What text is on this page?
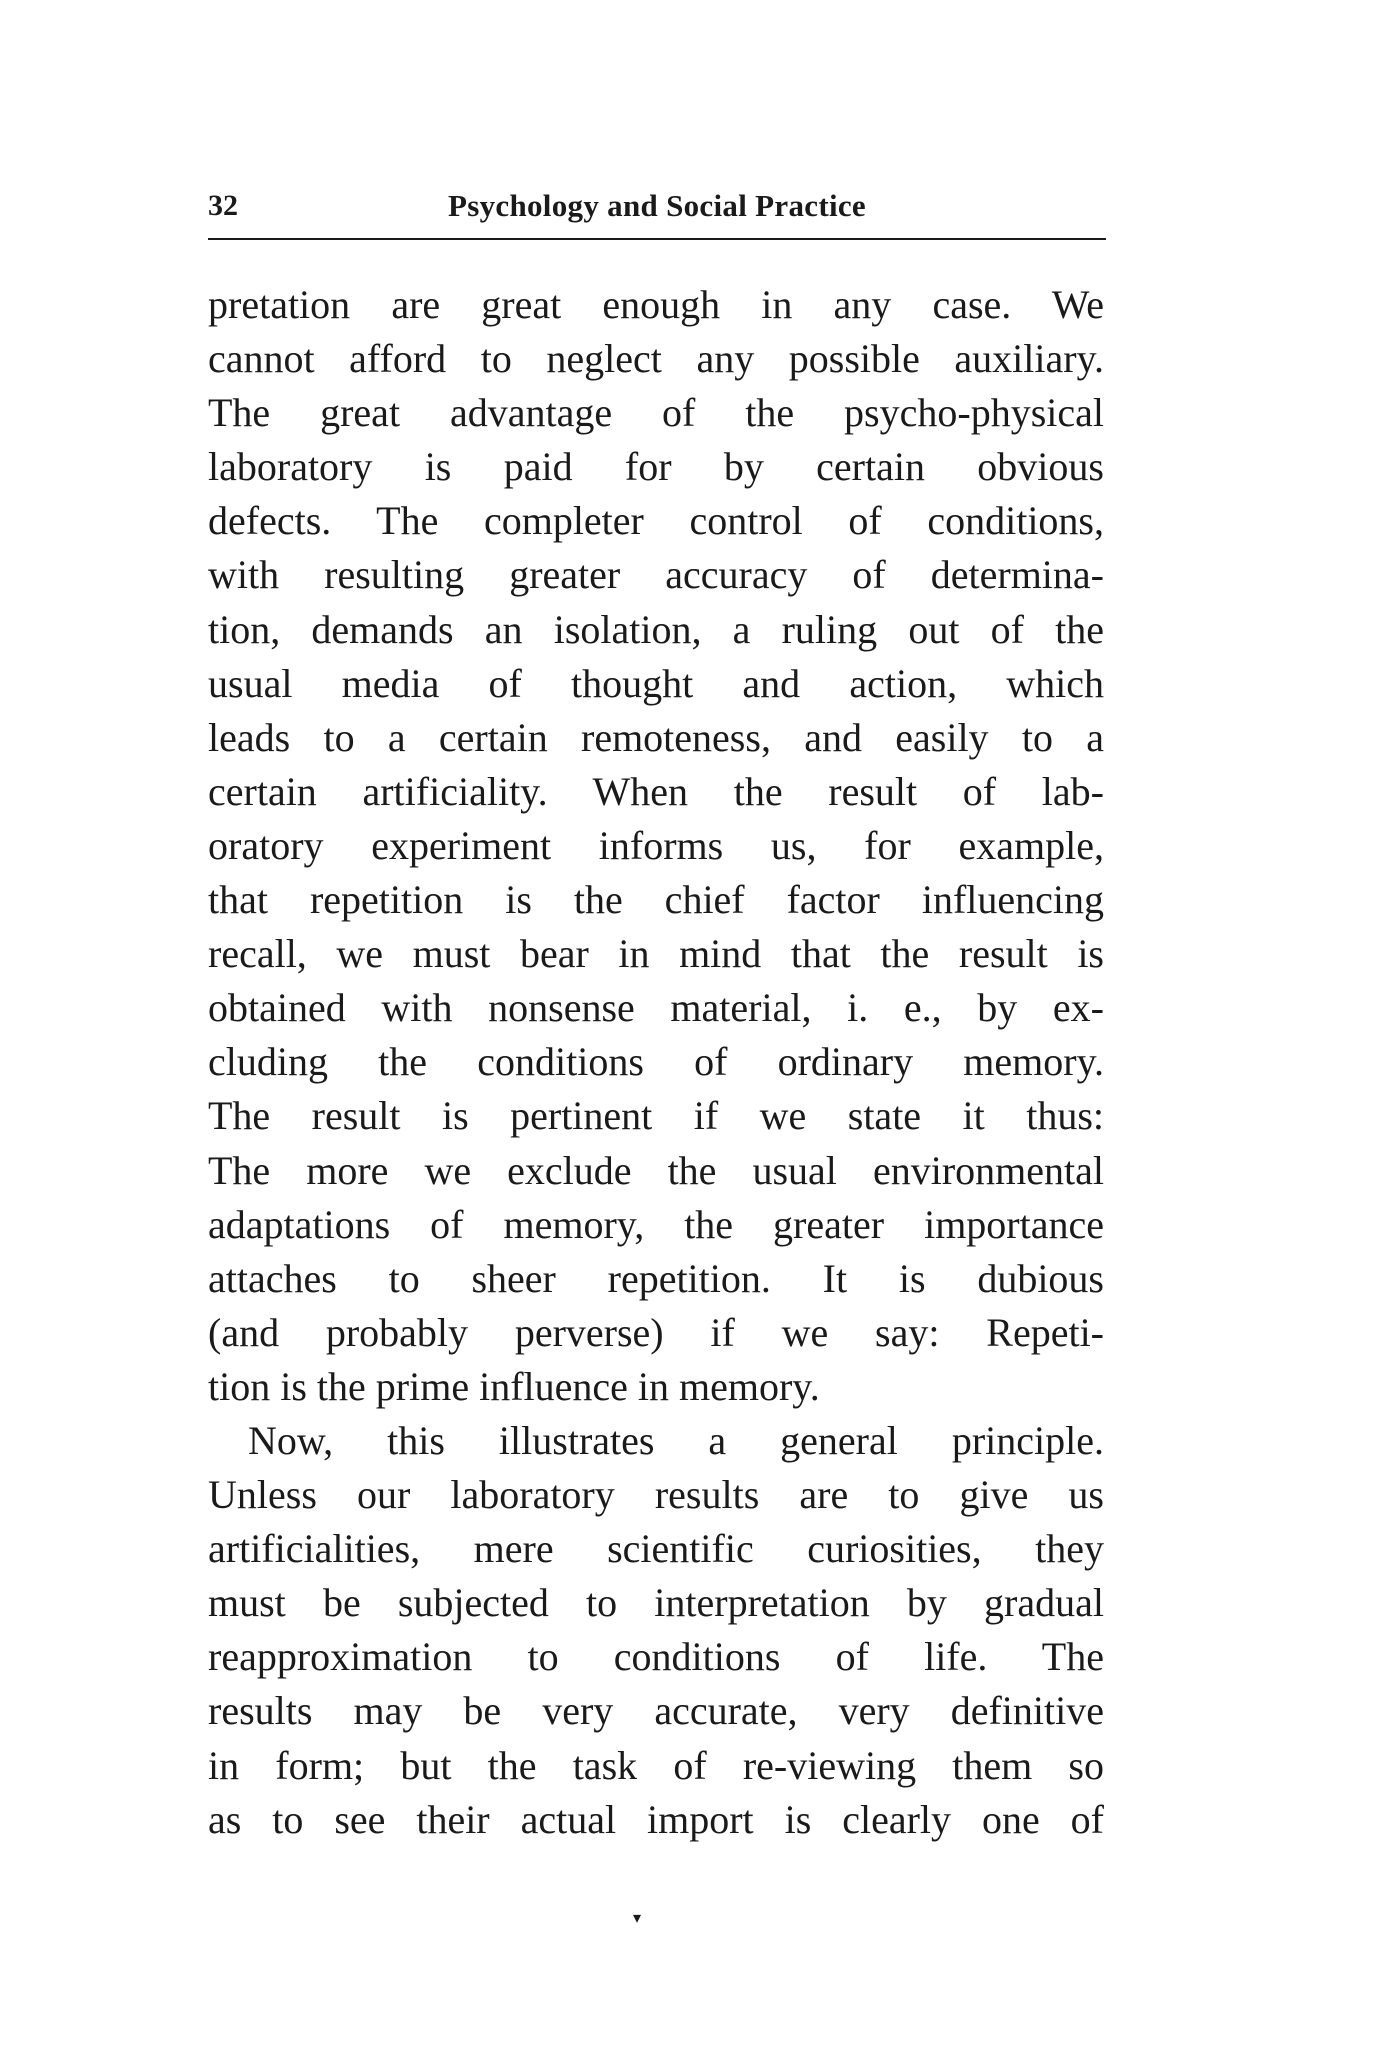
32	Psychology and Social Practice
pretation are great enough in any case. We
cannot afford to neglect any possible auxiliary.
The great advantage of the psycho-physical
laboratory is paid for by certain obvious
defects. The completer control of conditions,
with resulting greater accuracy of determina-
tion, demands an isolation, a ruling out of the
usual media of thought and action, which
leads to a certain remoteness, and easily to a
certain artificiality. When the result of lab-
oratory experiment informs us, for example,
that repetition is the chief factor influencing
recall, we must bear in mind that the result is
obtained with nonsense material, i. e., by ex-
cluding the conditions of ordinary memory.
The result is pertinent if we state it thus:
The more we exclude the usual environmental
adaptations of memory, the greater importance
attaches to sheer repetition. It is dubious
(and probably perverse) if we say: Repeti-
tion is the prime influence in memory.
Now, this illustrates a general principle.
Unless our laboratory results are to give us
artificialities, mere scientific curiosities, they
must be subjected to interpretation by gradual
reapproximation to conditions of life. The
results may be very accurate, very definitive
in form; but the task of re-viewing them so
as to see their actual import is clearly one of
▾
